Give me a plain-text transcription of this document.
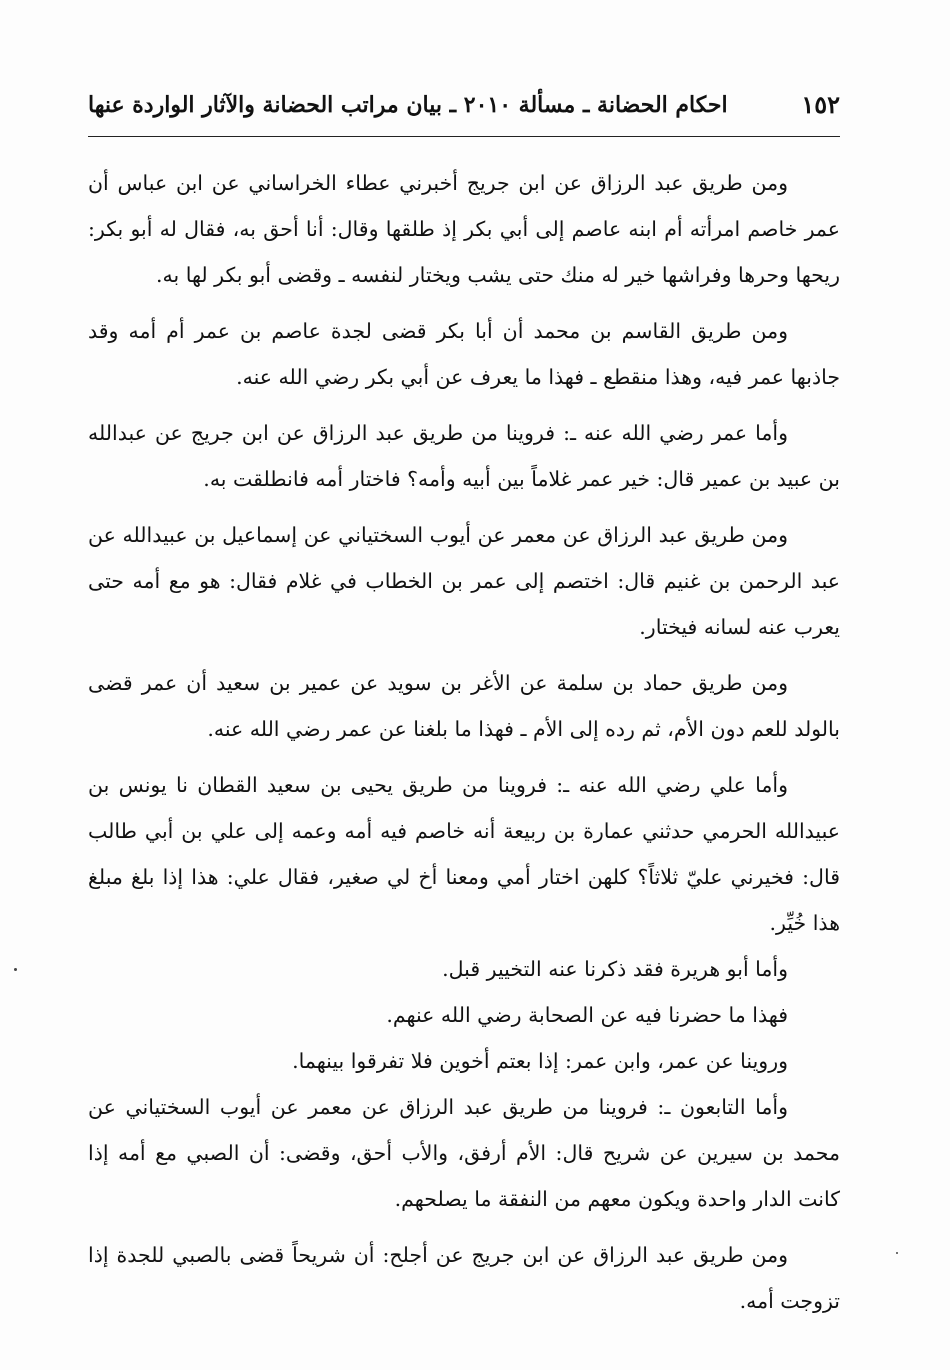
١٥٢
احكام الحضانة ـ مسألة ٢٠١٠ ـ بيان مراتب الحضانة والآثار الواردة عنها

ومن طريق عبد الرزاق عن ابن جريج أخبرني عطاء الخراساني عن ابن عباس أن عمر خاصم امرأته أم ابنه عاصم إلى أبي بكر إذ طلقها وقال: أنا أحق به، فقال له أبو بكر: ريحها وحرها وفراشها خير له منك حتى يشب ويختار لنفسه ـ وقضى أبو بكر لها به.

ومن طريق القاسم بن محمد أن أبا بكر قضى لجدة عاصم بن عمر أم أمه وقد جاذبها عمر فيه، وهذا منقطع ـ فهذا ما يعرف عن أبي بكر رضي الله عنه.

وأما عمر رضي الله عنه ـ: فروينا من طريق عبد الرزاق عن ابن جريج عن عبدالله بن عبيد بن عمير قال: خير عمر غلاماً بين أبيه وأمه؟ فاختار أمه فانطلقت به.

ومن طريق عبد الرزاق عن معمر عن أيوب السختياني عن إسماعيل بن عبيدالله عن عبد الرحمن بن غنيم قال: اختصم إلى عمر بن الخطاب في غلام فقال: هو مع أمه حتى يعرب عنه لسانه فيختار.

ومن طريق حماد بن سلمة عن الأغر بن سويد عن عمير بن سعيد أن عمر قضى بالولد للعم دون الأم، ثم رده إلى الأم ـ فهذا ما بلغنا عن عمر رضي الله عنه.

وأما علي رضي الله عنه ـ: فروينا من طريق يحيى بن سعيد القطان نا يونس بن عبيدالله الحرمي حدثني عمارة بن ربيعة أنه خاصم فيه أمه وعمه إلى علي بن أبي طالب قال: فخيرني عليّ ثلاثاً؟ كلهن اختار أمي ومعنا أخ لي صغير، فقال علي: هذا إذا بلغ مبلغ هذا خُيِّر.

وأما أبو هريرة فقد ذكرنا عنه التخيير قبل.

فهذا ما حضرنا فيه عن الصحابة رضي الله عنهم.

وروينا عن عمر، وابن عمر: إذا بعتم أخوين فلا تفرقوا بينهما.

وأما التابعون ـ: فروينا من طريق عبد الرزاق عن معمر عن أيوب السختياني عن محمد بن سيرين عن شريح قال: الأم أرفق، والأب أحق، وقضى: أن الصبي مع أمه إذا كانت الدار واحدة ويكون معهم من النفقة ما يصلحهم.

ومن طريق عبد الرزاق عن ابن جريج عن أجلح: أن شريحاً قضى بالصبي للجدة إذا تزوجت أمه.
